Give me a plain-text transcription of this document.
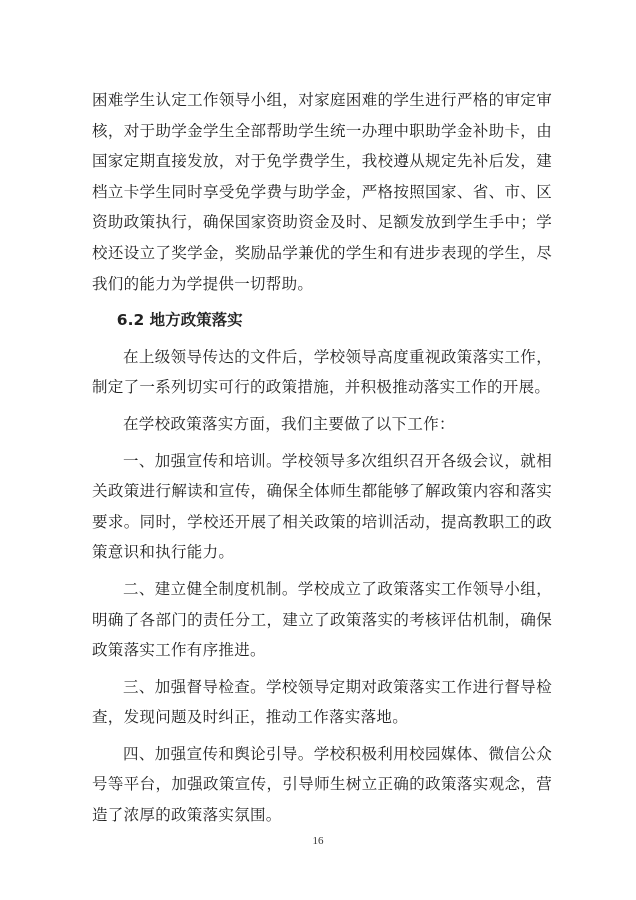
困难学生认定工作领导小组，对家庭困难的学生进行严格的审定审核，对于助学金学生全部帮助学生统一办理中职助学金补助卡，由国家定期直接发放，对于免学费学生，我校遵从规定先补后发，建档立卡学生同时享受免学费与助学金，严格按照国家、省、市、区资助政策执行，确保国家资助资金及时、足额发放到学生手中；学校还设立了奖学金，奖励品学兼优的学生和有进步表现的学生，尽我们的能力为学提供一切帮助。

6.2 地方政策落实

在上级领导传达的文件后，学校领导高度重视政策落实工作，制定了一系列切实可行的政策措施，并积极推动落实工作的开展。

在学校政策落实方面，我们主要做了以下工作：

一、加强宣传和培训。学校领导多次组织召开各级会议，就相关政策进行解读和宣传，确保全体师生都能够了解政策内容和落实要求。同时，学校还开展了相关政策的培训活动，提高教职工的政策意识和执行能力。

二、建立健全制度机制。学校成立了政策落实工作领导小组，明确了各部门的责任分工，建立了政策落实的考核评估机制，确保政策落实工作有序推进。

三、加强督导检查。学校领导定期对政策落实工作进行督导检查，发现问题及时纠正，推动工作落实落地。

四、加强宣传和舆论引导。学校积极利用校园媒体、微信公众号等平台，加强政策宣传，引导师生树立正确的政策落实观念，营造了浓厚的政策落实氛围。

16
